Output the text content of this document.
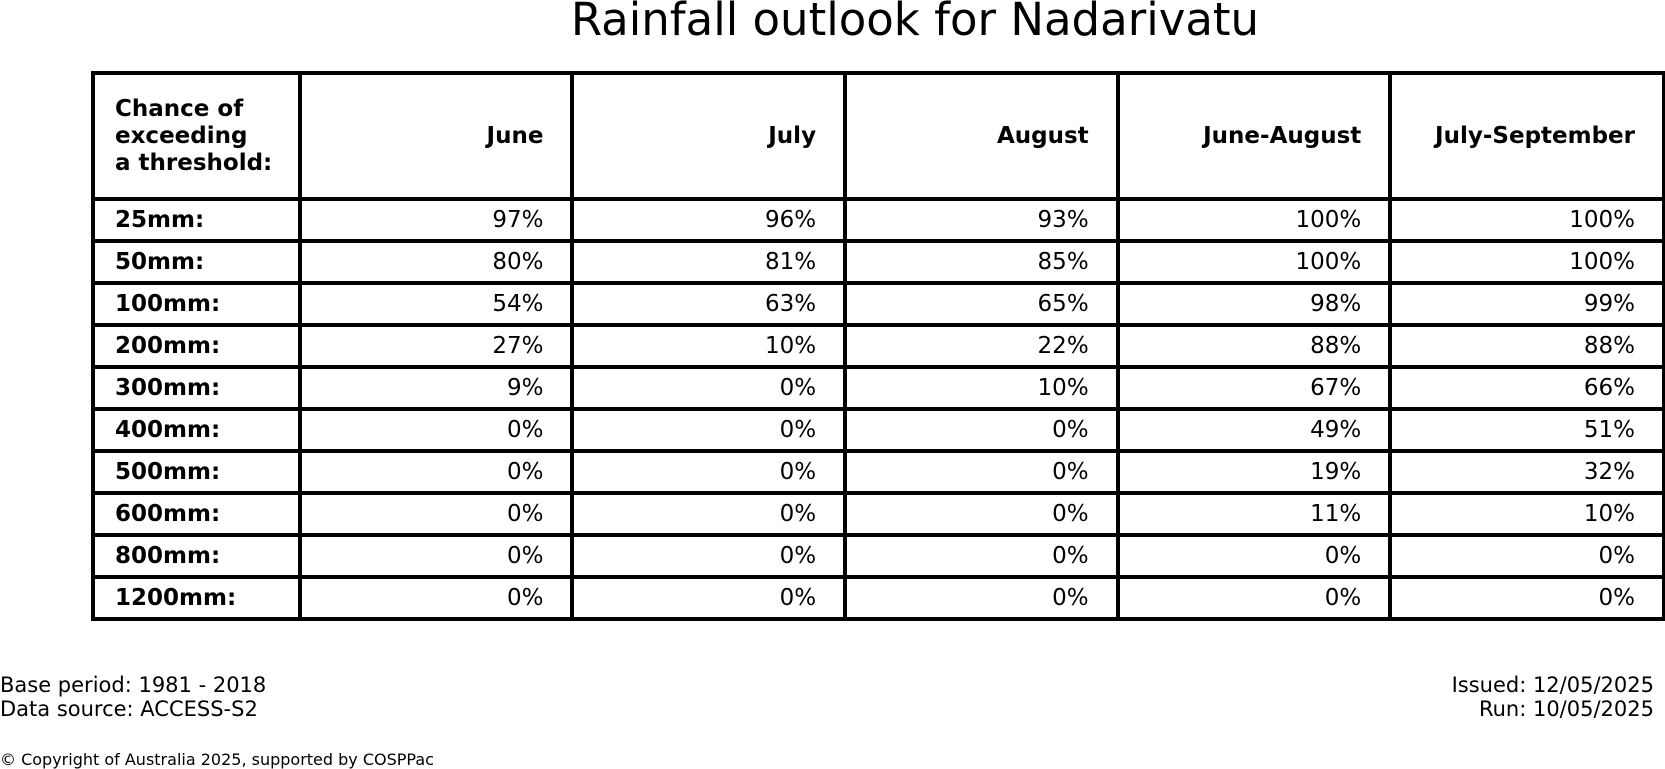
Rainfall outlook for Nadarivatu
Chance of
exceeding
a threshold:	June	July	August	June-August	July-September
25mm:	97%	96%	93%	100%	100%
50mm:	80%	81%	85%	100%	100%
100mm:	54%	63%	65%	98%	99%
200mm:	27%	10%	22%	88%	88%
300mm:	9%	0%	10%	67%	66%
400mm:	0%	0%	0%	49%	51%
500mm:	0%	0%	0%	19%	32%
600mm:	0%	0%	0%	11%	10%
800mm:	0%	0%	0%	0%	0%
1200mm:	0%	0%	0%	0%	0%
Base period: 1981 - 2018
Data source: ACCESS-S2
Issued: 12/05/2025
Run: 10/05/2025
© Copyright of Australia 2025, supported by COSPPac
